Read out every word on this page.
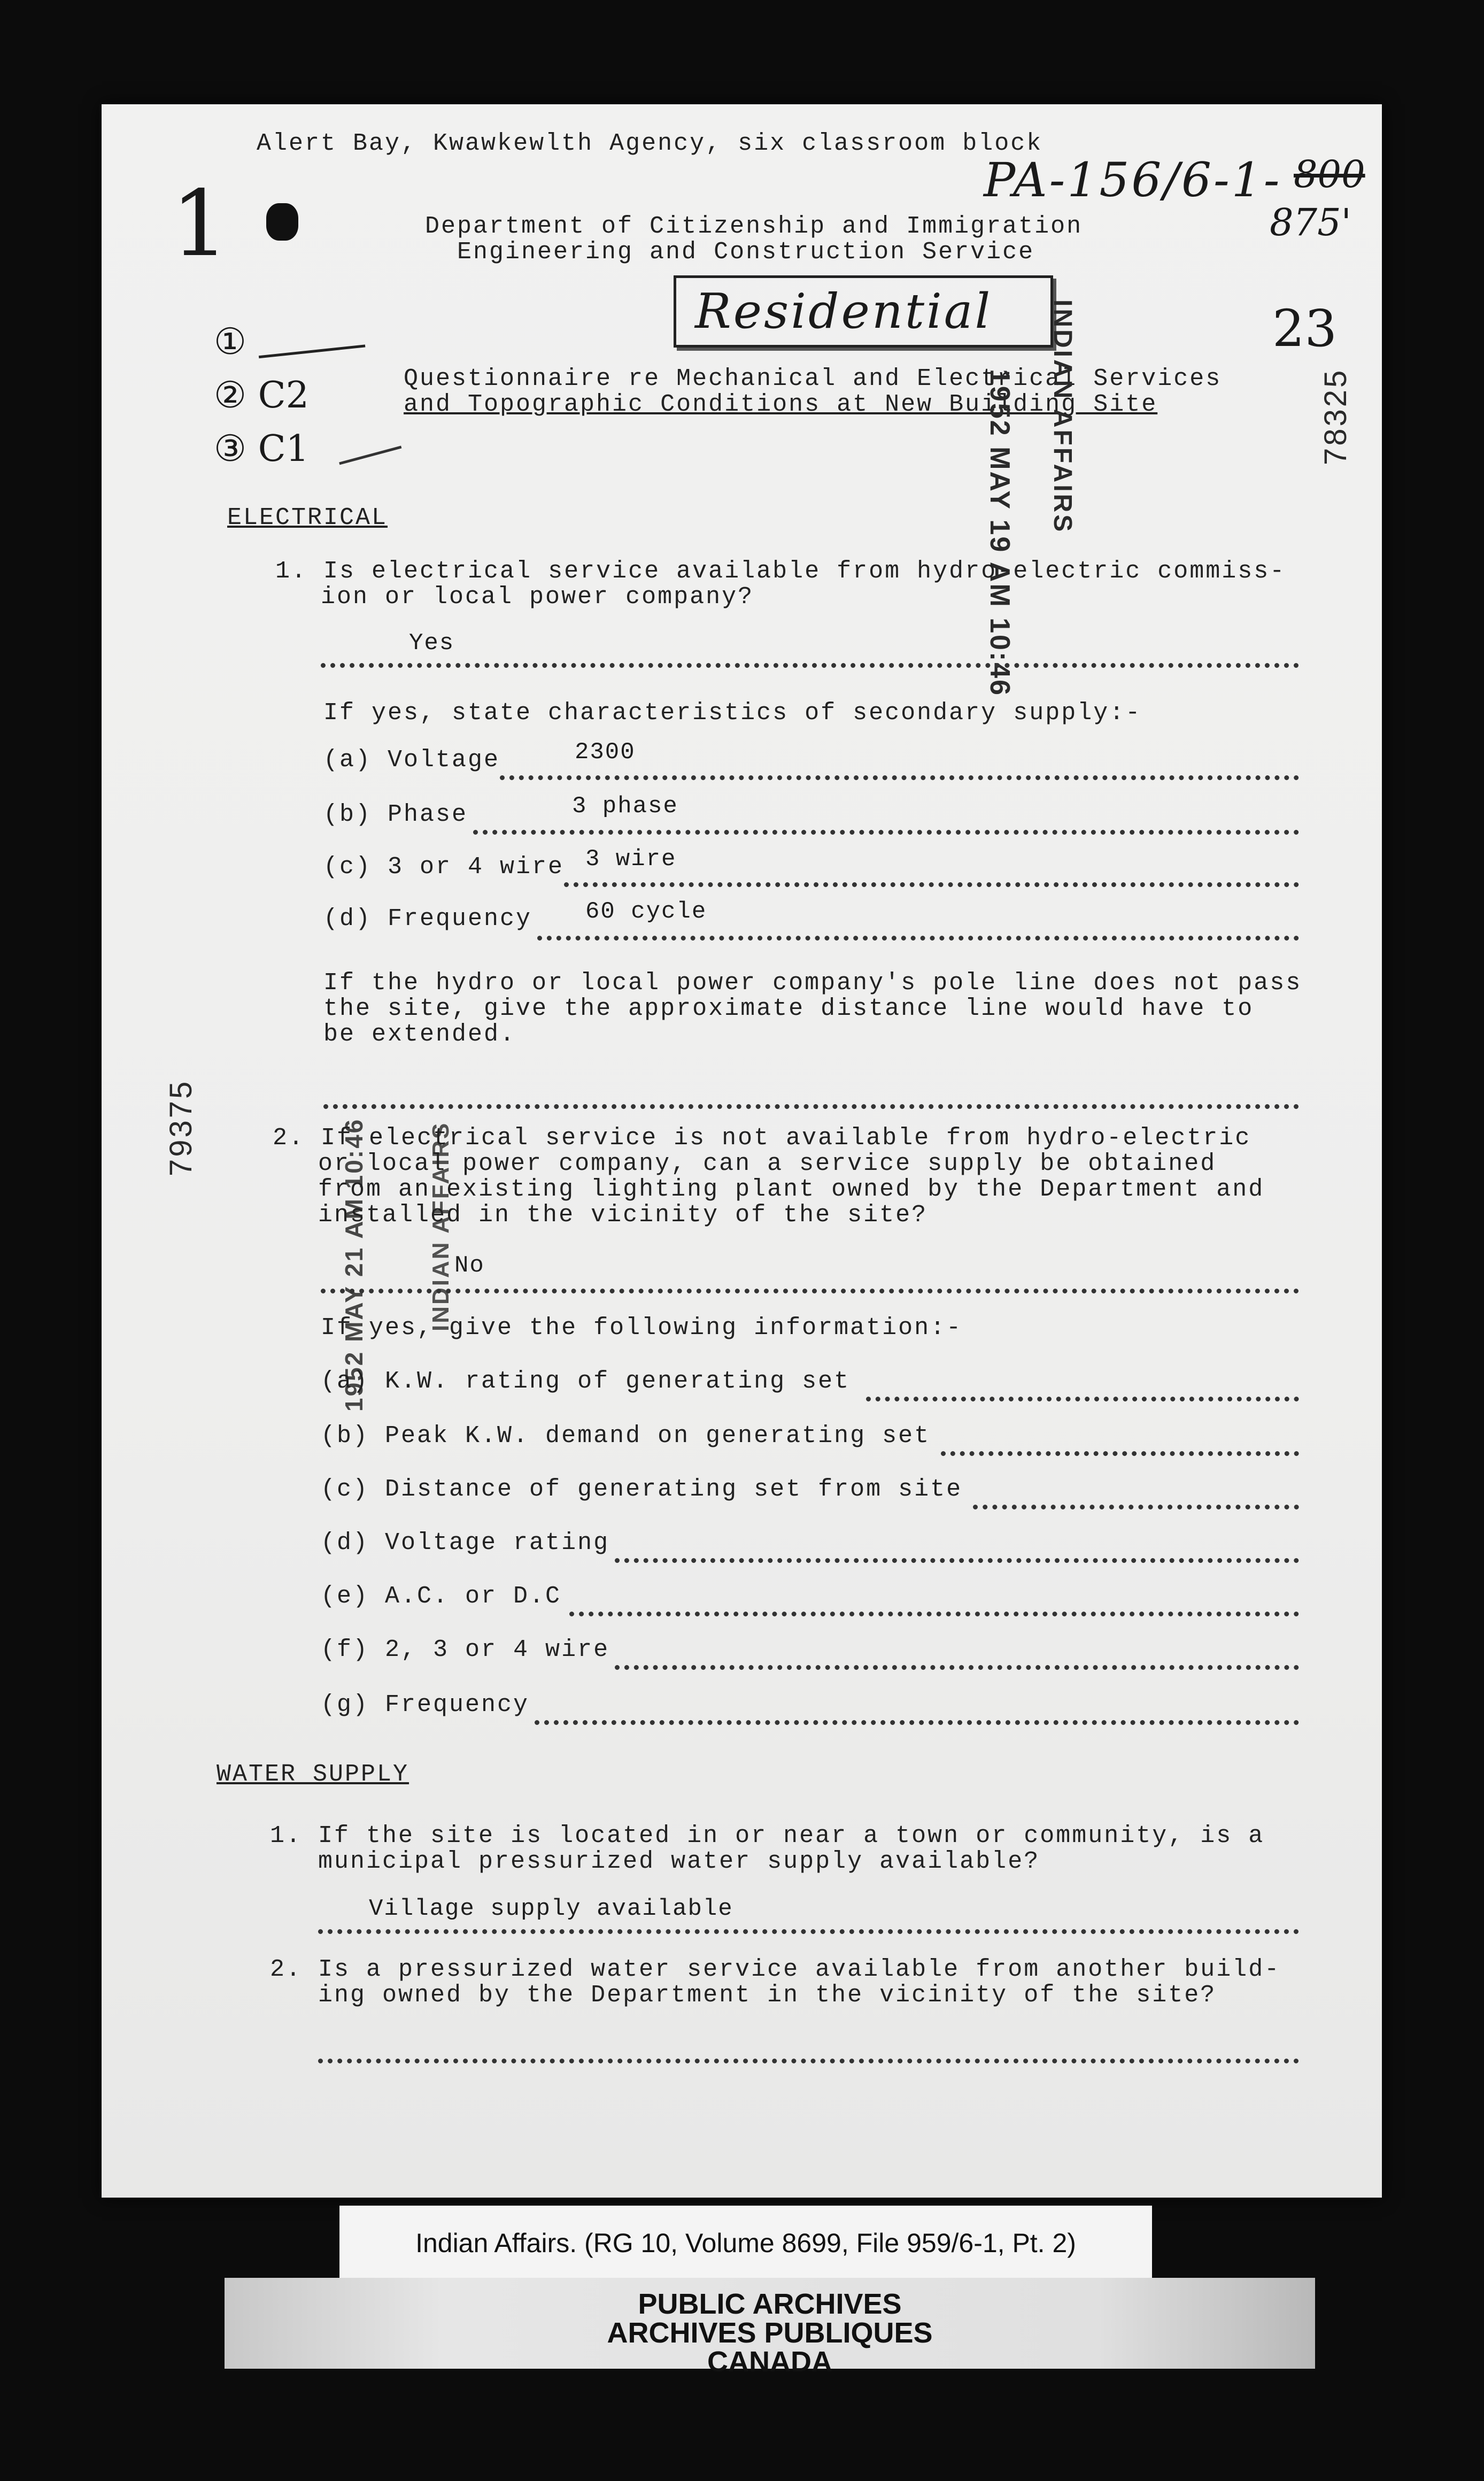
Alert Bay, Kwawkewlth Agency, six classroom block
PA-156/6-1- 800
875'
1	Department of Citizenship and Immigration
Engineering and Construction Service
Residential	23
Questionnaire re Mechanical and Electrical Services
and Topographic Conditions at New Building Site
①
② C2
③ C1	1952 MAY 19 AM 10:46 INDIAN AFFAIRS	78325
79375	1952 MAY 21 AM 10:46	INDIAN AFFAIRS
ELECTRICAL
1. Is electrical service available from hydro-electric commiss-
ion or local power company?
Yes
If yes, state characteristics of secondary supply:-
(a) Voltage	2300
(b) Phase	3 phase
(c) 3 or 4 wire 3 wire
(d) Frequency 60 cycle
If the hydro or local power company's pole line does not pass
the site, give the approximate distance line would have to
be extended.
2. If electrical service is not available from hydro-electric
or local power company, can a service supply be obtained
from an existing lighting plant owned by the Department and
installed in the vicinity of the site?
No
If yes, give the following information:-
(a) K.W. rating of generating set
(b) Peak K.W. demand on generating set
(c) Distance of generating set from site
(d) Voltage rating
(e) A.C. or D.C
(f) 2, 3 or 4 wire
(g) Frequency
WATER SUPPLY
1. If the site is located in or near a town or community, is a
municipal pressurized water supply available?
Village supply available
2. Is a pressurized water service available from another build-
ing owned by the Department in the vicinity of the site?
Indian Affairs. (RG 10, Volume 8699, File 959/6-1, Pt. 2)
PUBLIC ARCHIVES
ARCHIVES PUBLIQUES
CANADA
